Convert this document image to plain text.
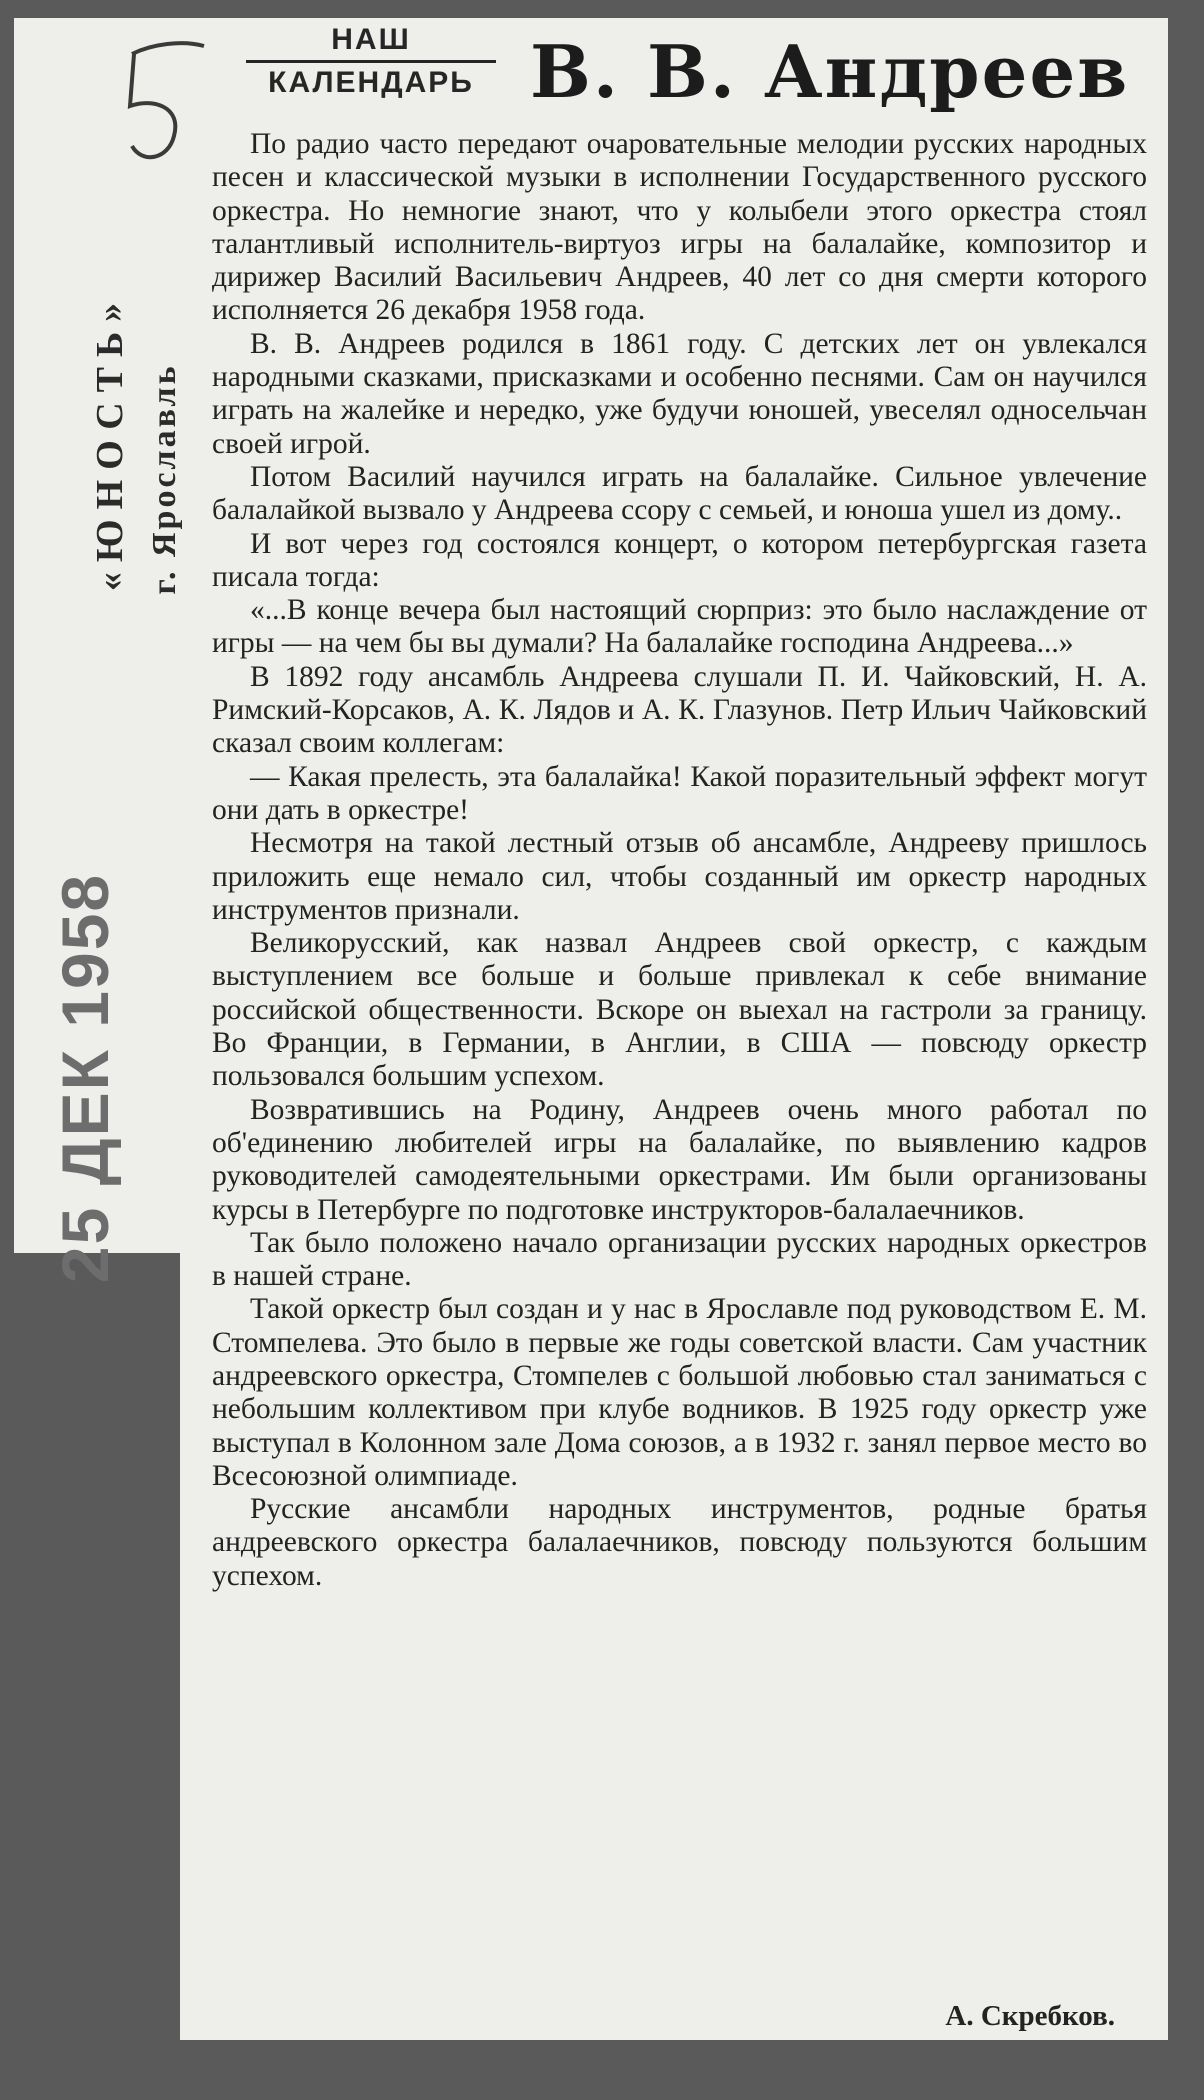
«ЮНОСТЬ» г. Ярославль
25 ДЕК 1958
НАШ
КАЛЕНДАРЬ В. В. Андреев

По радио часто передают очаровательные мелодии русских народных песен и классической музыки в исполнении Государственного русского оркестра. Но немногие знают, что у колыбели этого оркестра стоял талантливый исполнитель-виртуоз игры на балалайке, композитор и дирижер Василий Васильевич Андреев, 40 лет со дня смерти которого исполняется 26 декабря 1958 года.

В. В. Андреев родился в 1861 году. С детских лет он увлекался народными сказками, присказками и особенно песнями. Сам он научился играть на жалейке и нередко, уже будучи юношей, увеселял односельчан своей игрой.

Потом Василий научился играть на балалайке. Сильное увлечение балалайкой вызвало у Андреева ссору с семьей, и юноша ушел из дому..

И вот через год состоялся концерт, о котором петербургская газета писала тогда:

«...В конце вечера был настоящий сюрприз: это было наслаждение от игры — на чем бы вы думали? На балалайке господина Андреева...»

В 1892 году ансамбль Андреева слушали П. И. Чайковский, Н. А. Римский-Корсаков, А. К. Лядов и А. К. Глазунов. Петр Ильич Чайковский сказал своим коллегам:

— Какая прелесть, эта балалайка! Какой поразительный эффект могут они дать в оркестре!

Несмотря на такой лестный отзыв об ансамбле, Андрееву пришлось приложить еще немало сил, чтобы созданный им оркестр народных инструментов признали.

Великорусский, как назвал Андреев свой оркестр, с каждым выступлением все больше и больше привлекал к себе внимание российской общественности. Вскоре он выехал на гастроли за границу. Во Франции, в Германии, в Англии, в США — повсюду оркестр пользовался большим успехом.

Возвратившись на Родину, Андреев очень много работал по об'единению любителей игры на балалайке, по выявлению кадров руководителей самодеятельными оркестрами. Им были организованы курсы в Петербурге по подготовке инструкторов-балалаечников.

Так было положено начало организации русских народных оркестров в нашей стране.

Такой оркестр был создан и у нас в Ярославле под руководством Е. М. Стомпелева. Это было в первые же годы советской власти. Сам участник андреевского оркестра, Стомпелев с большой любовью стал заниматься с небольшим коллективом при клубе водников. В 1925 году оркестр уже выступал в Колонном зале Дома союзов, а в 1932 г. занял первое место во Всесоюзной олимпиаде.

Русские ансамбли народных инструментов, родные братья андреевского оркестра балалаечников, повсюду пользуются большим успехом.

А. Скребков.
